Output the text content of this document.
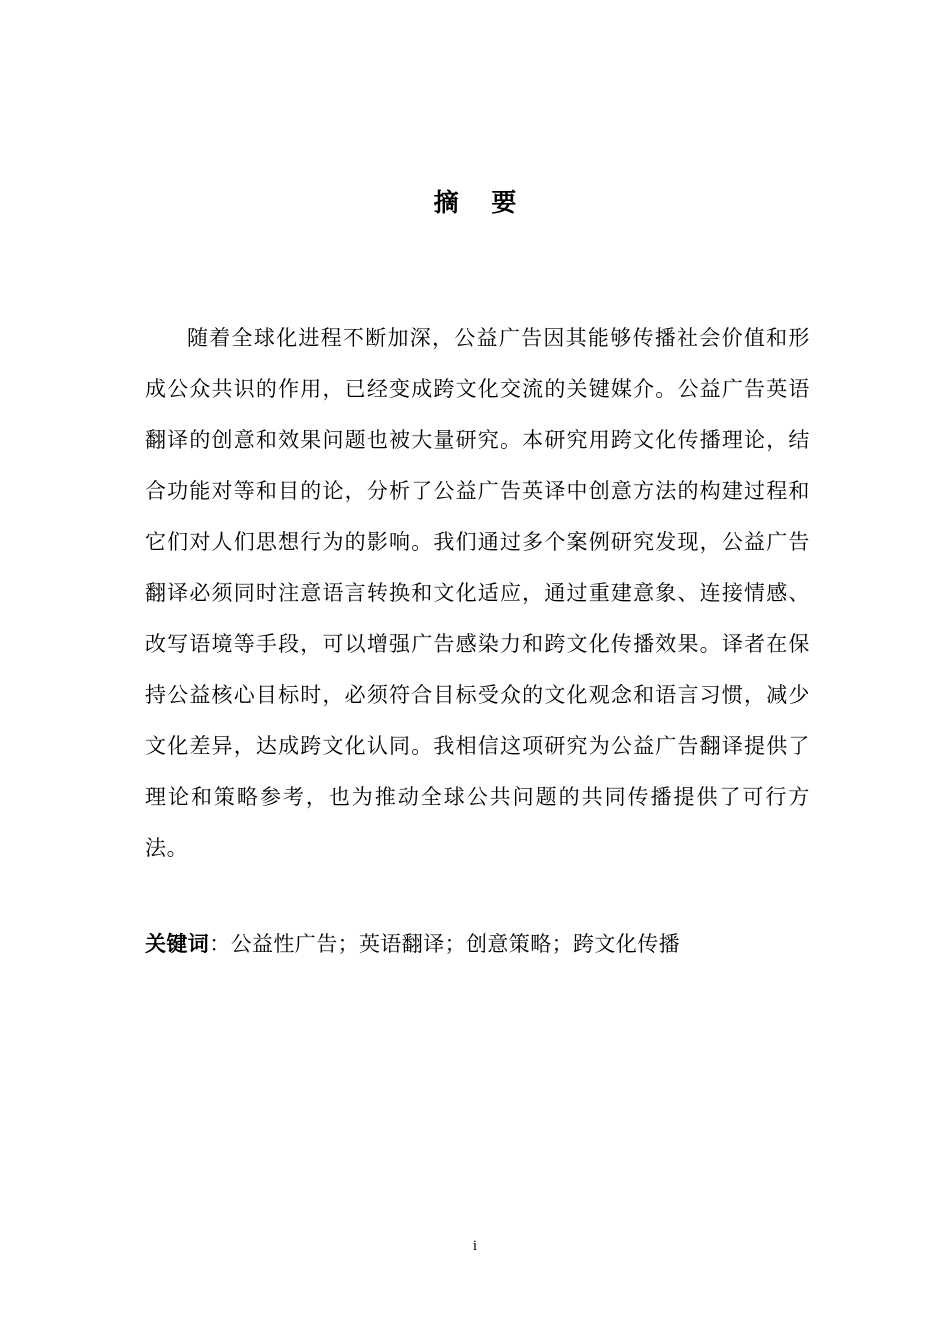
摘 要

随着全球化进程不断加深，公益广告因其能够传播社会价值和形成公众共识的作用，已经变成跨文化交流的关键媒介。公益广告英语翻译的创意和效果问题也被大量研究。本研究用跨文化传播理论，结合功能对等和目的论，分析了公益广告英译中创意方法的构建过程和它们对人们思想行为的影响。我们通过多个案例研究发现，公益广告翻译必须同时注意语言转换和文化适应，通过重建意象、连接情感、改写语境等手段，可以增强广告感染力和跨文化传播效果。译者在保持公益核心目标时，必须符合目标受众的文化观念和语言习惯，减少文化差异，达成跨文化认同。我相信这项研究为公益广告翻译提供了理论和策略参考，也为推动全球公共问题的共同传播提供了可行方法。

关键词：公益性广告；英语翻译；创意策略；跨文化传播

i
